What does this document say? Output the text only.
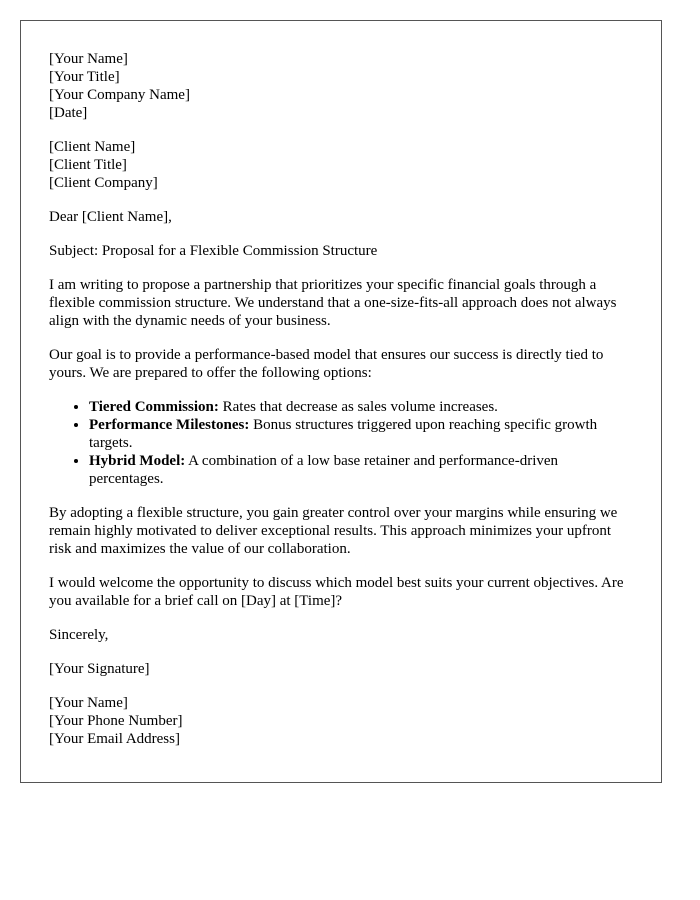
[Your Name]

[Your Title]

[Your Company Name]

[Date]

[Client Name]

[Client Title]

[Client Company]

Dear [Client Name],

Subject: Proposal for a Flexible Commission Structure

I am writing to propose a partnership that prioritizes your specific financial goals through a flexible commission structure. We understand that a one-size-fits-all approach does not always align with the dynamic needs of your business.

Our goal is to provide a performance-based model that ensures our success is directly tied to yours. We are prepared to offer the following options:

• Tiered Commission: Rates that decrease as sales volume increases.
• Performance Milestones: Bonus structures triggered upon reaching specific growth targets.
• Hybrid Model: A combination of a low base retainer and performance-driven percentages.

By adopting a flexible structure, you gain greater control over your margins while ensuring we remain highly motivated to deliver exceptional results. This approach minimizes your upfront risk and maximizes the value of our collaboration.

I would welcome the opportunity to discuss which model best suits your current objectives. Are you available for a brief call on [Day] at [Time]?

Sincerely,

[Your Signature]

[Your Name]

[Your Phone Number]

[Your Email Address]
